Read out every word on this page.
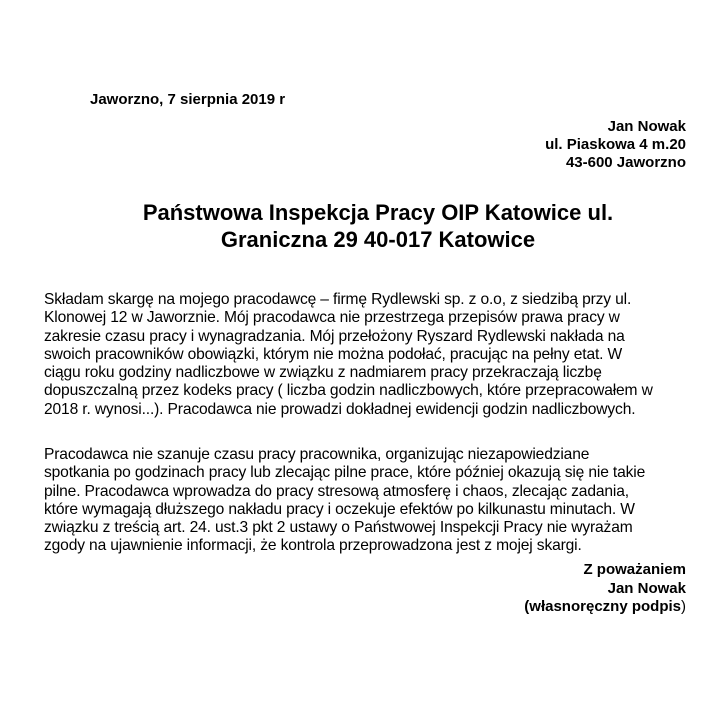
Jaworzno, 7 sierpnia 2019 r
Jan Nowak
ul. Piaskowa 4 m.20
43-600 Jaworzno
Państwowa Inspekcja Pracy OIP Katowice ul.
Graniczna 29 40-017 Katowice
Składam skargę na mojego pracodawcę – firmę Rydlewski sp. z o.o, z siedzibą przy ul.
Klonowej 12 w Jaworznie. Mój pracodawca nie przestrzega przepisów prawa pracy w
zakresie czasu pracy i wynagradzania. Mój przełożony Ryszard Rydlewski nakłada na
swoich pracowników obowiązki, którym nie można podołać, pracując na pełny etat. W
ciągu roku godziny nadliczbowe w związku z nadmiarem pracy przekraczają liczbę
dopuszczalną przez kodeks pracy ( liczba godzin nadliczbowych, które przepracowałem w
2018 r. wynosi...). Pracodawca nie prowadzi dokładnej ewidencji godzin nadliczbowych.
Pracodawca nie szanuje czasu pracy pracownika, organizując niezapowiedziane
spotkania po godzinach pracy lub zlecając pilne prace, które później okazują się nie takie
pilne. Pracodawca wprowadza do pracy stresową atmosferę i chaos, zlecając zadania,
które wymagają dłuższego nakładu pracy i oczekuje efektów po kilkunastu minutach. W
związku z treścią art. 24. ust.3 pkt 2 ustawy o Państwowej Inspekcji Pracy nie wyrażam
zgody na ujawnienie informacji, że kontrola przeprowadzona jest z mojej skargi.
Z poważaniem
Jan Nowak
(własnoręczny podpis)
